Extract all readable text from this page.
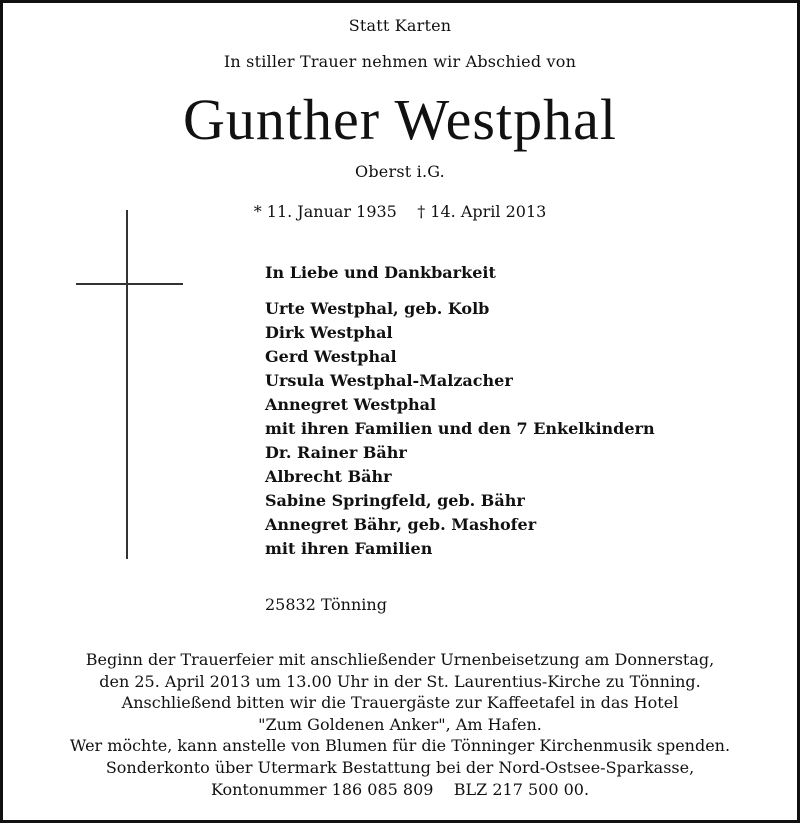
Statt Karten
In stiller Trauer nehmen wir Abschied von
Gunther Westphal
Oberst i.G.
* 11. Januar 1935    † 14. April 2013
In Liebe und Dankbarkeit
Urte Westphal, geb. Kolb
Dirk Westphal
Gerd Westphal
Ursula Westphal-Malzacher
Annegret Westphal
mit ihren Familien und den 7 Enkelkindern
Dr. Rainer Bähr
Albrecht Bähr
Sabine Springfeld, geb. Bähr
Annegret Bähr, geb. Mashofer
mit ihren Familien
25832 Tönning
Beginn der Trauerfeier mit anschließender Urnenbeisetzung am Donnerstag,
den 25. April 2013 um 13.00 Uhr in der St. Laurentius-Kirche zu Tönning.
Anschließend bitten wir die Trauergäste zur Kaffeetafel in das Hotel
"Zum Goldenen Anker", Am Hafen.
Wer möchte, kann anstelle von Blumen für die Tönninger Kirchenmusik spenden.
Sonderkonto über Utermark Bestattung bei der Nord-Ostsee-Sparkasse,
Kontonummer 186 085 809    BLZ 217 500 00.
